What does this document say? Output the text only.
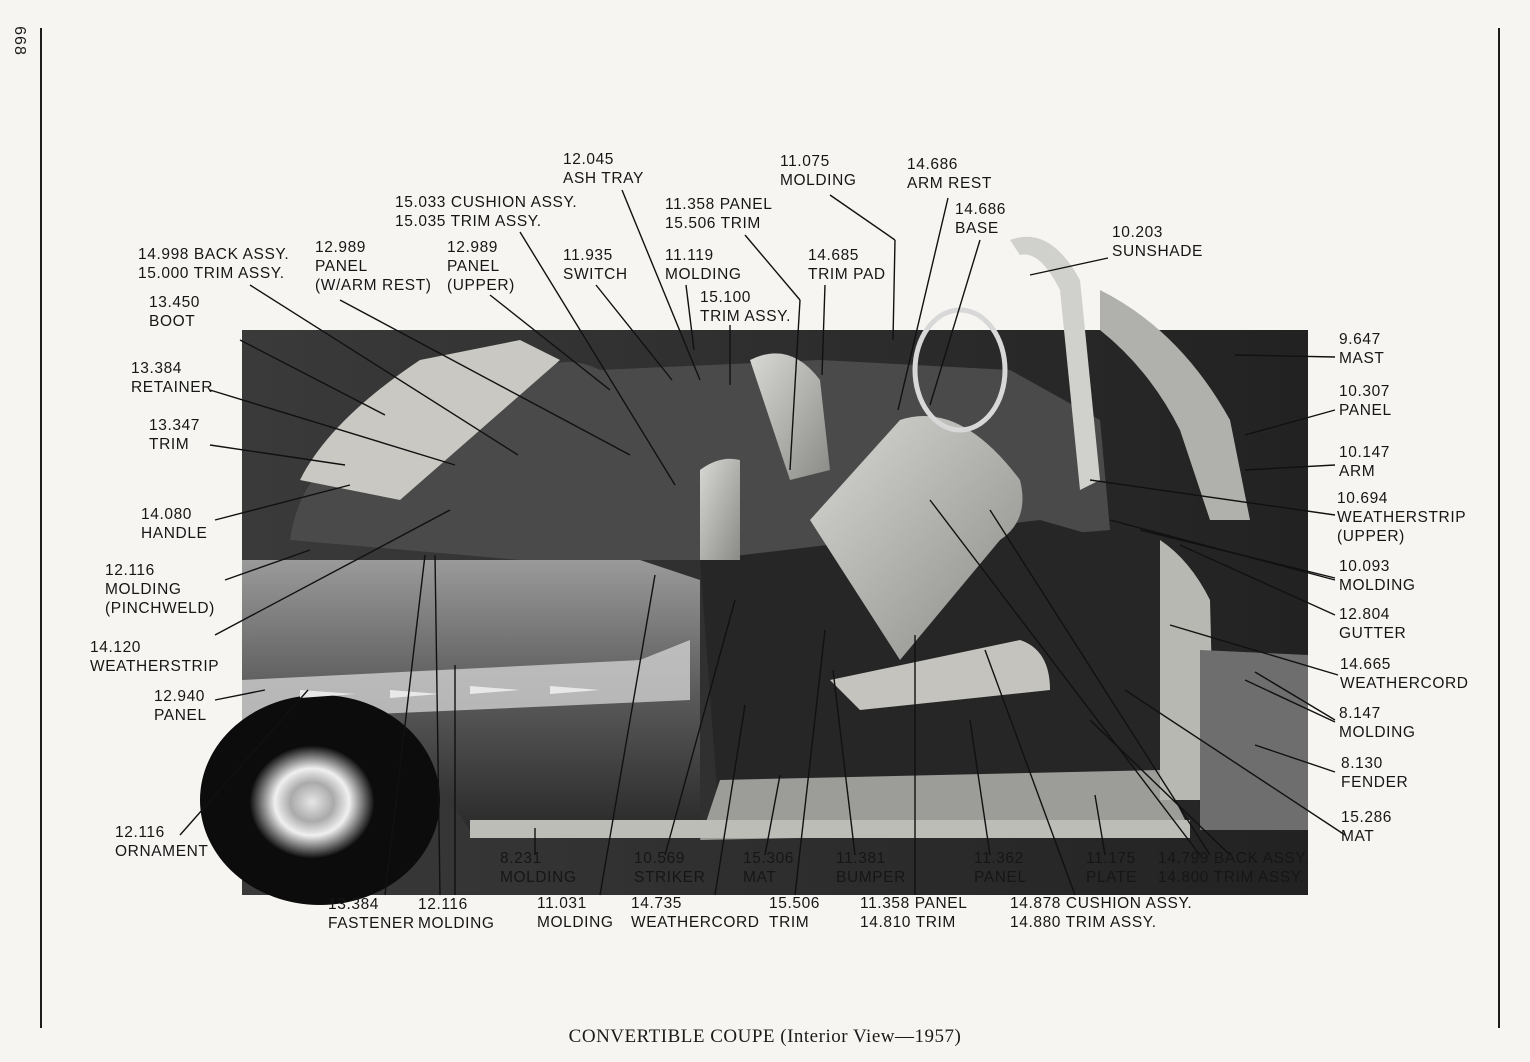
668
12.045
ASH TRAY
11.075
MOLDING
14.686
ARM REST
15.033 CUSHION ASSY.
15.035 TRIM ASSY.
11.358 PANEL
15.506 TRIM
14.686
BASE	10.203
SUNSHADE
14.998 BACK ASSY.
15.000 TRIM ASSY.
12.989
PANEL
(W/ARM REST)
12.989
PANEL
(UPPER)
11.935
SWITCH
11.119
MOLDING
14.685
TRIM PAD
15.100
TRIM ASSY.
13.450
BOOT
13.384
RETAINER
13.347
TRIM
14.080
HANDLE
12.116
MOLDING
(PINCHWELD)
14.120
WEATHERSTRIP
12.940
PANEL
12.116
ORNAMENT
9.647
MAST
10.307
PANEL
10.147
ARM
10.694
WEATHERSTRIP
(UPPER)
10.093
MOLDING
12.804
GUTTER
14.665
WEATHERCORD
8.147
MOLDING
8.130
FENDER
15.286
MAT
8.231
MOLDING
10.569
STRIKER
15.306
MAT
11.381
BUMPER
11.362
PANEL
11.175
PLATE
14.799 BACK ASSY.
14.800 TRIM ASSY.
13.384
FASTENER
12.116
MOLDING
11.031
MOLDING
14.735
WEATHERCORD
15.506
TRIM
11.358 PANEL
14.810 TRIM
14.878 CUSHION ASSY.
14.880 TRIM ASSY.
CONVERTIBLE COUPE (Interior View—1957)
